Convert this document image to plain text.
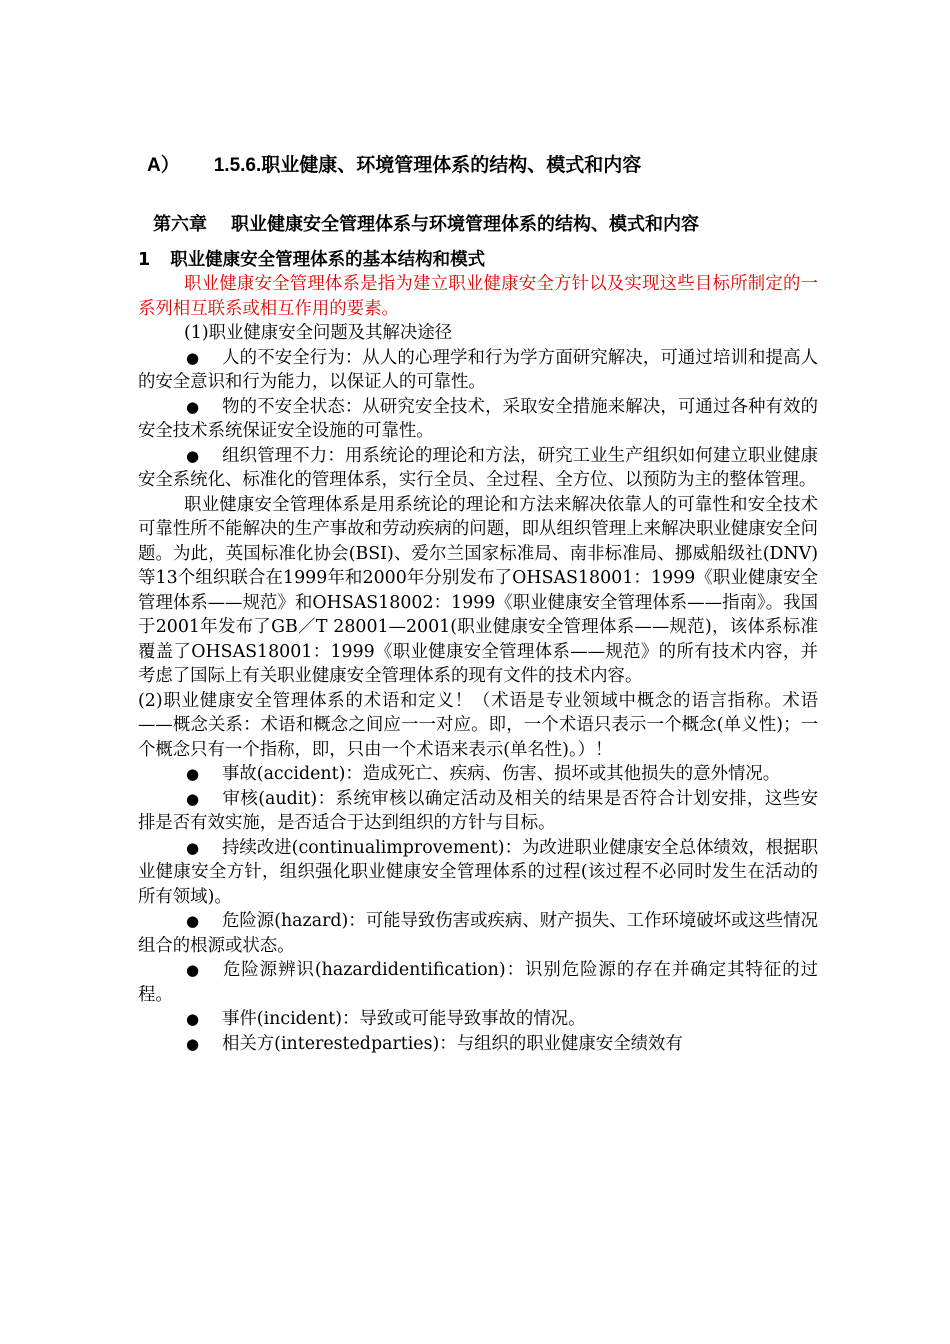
A） 1.5.6.职业健康、环境管理体系的结构、模式和内容
第六章 职业健康安全管理体系与环境管理体系的结构、模式和内容
1 职业健康安全管理体系的基本结构和模式

职业健康安全管理体系是指为建立职业健康安全方针以及实现这些目标所制定的一系列相互联系或相互作用的要素。

(1)职业健康安全问题及其解决途径

●人的不安全行为：从人的心理学和行为学方面研究解决，可通过培训和提高人的安全意识和行为能力，以保证人的可靠性。

●物的不安全状态：从研究安全技术，采取安全措施来解决，可通过各种有效的安全技术系统保证安全设施的可靠性。

●组织管理不力：用系统论的理论和方法，研究工业生产组织如何建立职业健康安全系统化、标准化的管理体系，实行全员、全过程、全方位、以预防为主的整体管理。

职业健康安全管理体系是用系统论的理论和方法来解决依靠人的可靠性和安全技术可靠性所不能解决的生产事故和劳动疾病的问题，即从组织管理上来解决职业健康安全问题。为此，英国标准化协会(BSI)、爱尔兰国家标准局、南非标准局、挪威船级社(DNV)等13个组织联合在1999年和2000年分别发布了OHSAS18001：1999《职业健康安全管理体系——规范》和OHSAS18002：1999《职业健康安全管理体系——指南》。我国于2001年发布了GB／T 28001—2001(职业健康安全管理体系——规范)，该体系标准覆盖了OHSAS18001：1999《职业健康安全管理体系——规范》的所有技术内容，并考虑了国际上有关职业健康安全管理体系的现有文件的技术内容。

(2)职业健康安全管理体系的术语和定义！（术语是专业领域中概念的语言指称。术语——概念关系：术语和概念之间应一一对应。即，一个术语只表示一个概念(单义性)；一个概念只有一个指称，即，只由一个术语来表示(单名性)。）！

●事故(accident)：造成死亡、疾病、伤害、损坏或其他损失的意外情况。

●审核(audit)：系统审核以确定活动及相关的结果是否符合计划安排，这些安排是否有效实施，是否适合于达到组织的方针与目标。

●持续改进(continualimprovement)：为改进职业健康安全总体绩效，根据职业健康安全方针，组织强化职业健康安全管理体系的过程(该过程不必同时发生在活动的所有领域)。

●危险源(hazard)：可能导致伤害或疾病、财产损失、工作环境破坏或这些情况组合的根源或状态。

●危险源辨识(hazardidentification)：识别危险源的存在并确定其特征的过程。

●事件(incident)：导致或可能导致事故的情况。

●相关方(interestedparties)：与组织的职业健康安全绩效有
